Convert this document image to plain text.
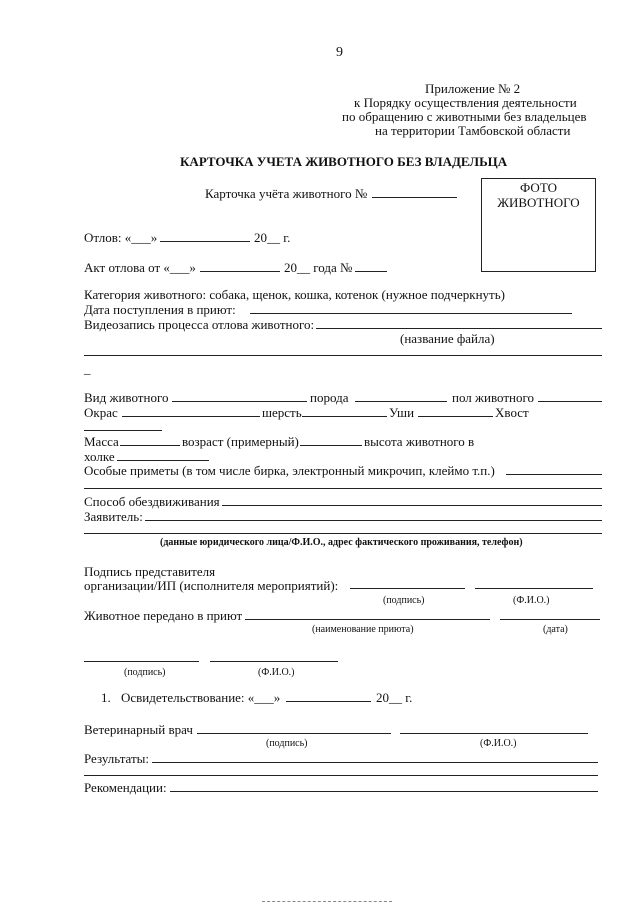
9
Приложение № 2
к Порядку осуществления деятельности
по обращению с животными без владельцев
на территории Тамбовской области
КАРТОЧКА УЧЕТА ЖИВОТНОГО БЕЗ ВЛАДЕЛЬЦА
Карточка учёта животного №	ФОТО
ЖИВОТНОГО
Отлов: «___»	20__ г.
Акт отлова от «___»	20__ года №
Категория животного: собака, щенок, кошка, котенок (нужное подчеркнуть)
Дата поступления в приют:
Видеозапись процесса отлова животного:
(название файла)
_
Вид животного	порода	пол животного
Окрас	шерсть	Уши	Хвост
Масса	возраст (примерный)	высота животного в
холке
Особые приметы (в том числе бирка, электронный микрочип, клеймо т.п.)
Способ обездвиживания
Заявитель:
(данные юридического лица/Ф.И.О., адрес фактического проживания, телефон)
Подпись представителя
организации/ИП (исполнителя мероприятий):
(подпись)	(Ф.И.О.)
Животное передано в приют
(наименование приюта)	(дата)
(подпись)	(Ф.И.О.)
1. Освидетельствование: «___»	20__ г.
Ветеринарный врач
(подпись)	(Ф.И.О.)
Результаты:
Рекомендации:
